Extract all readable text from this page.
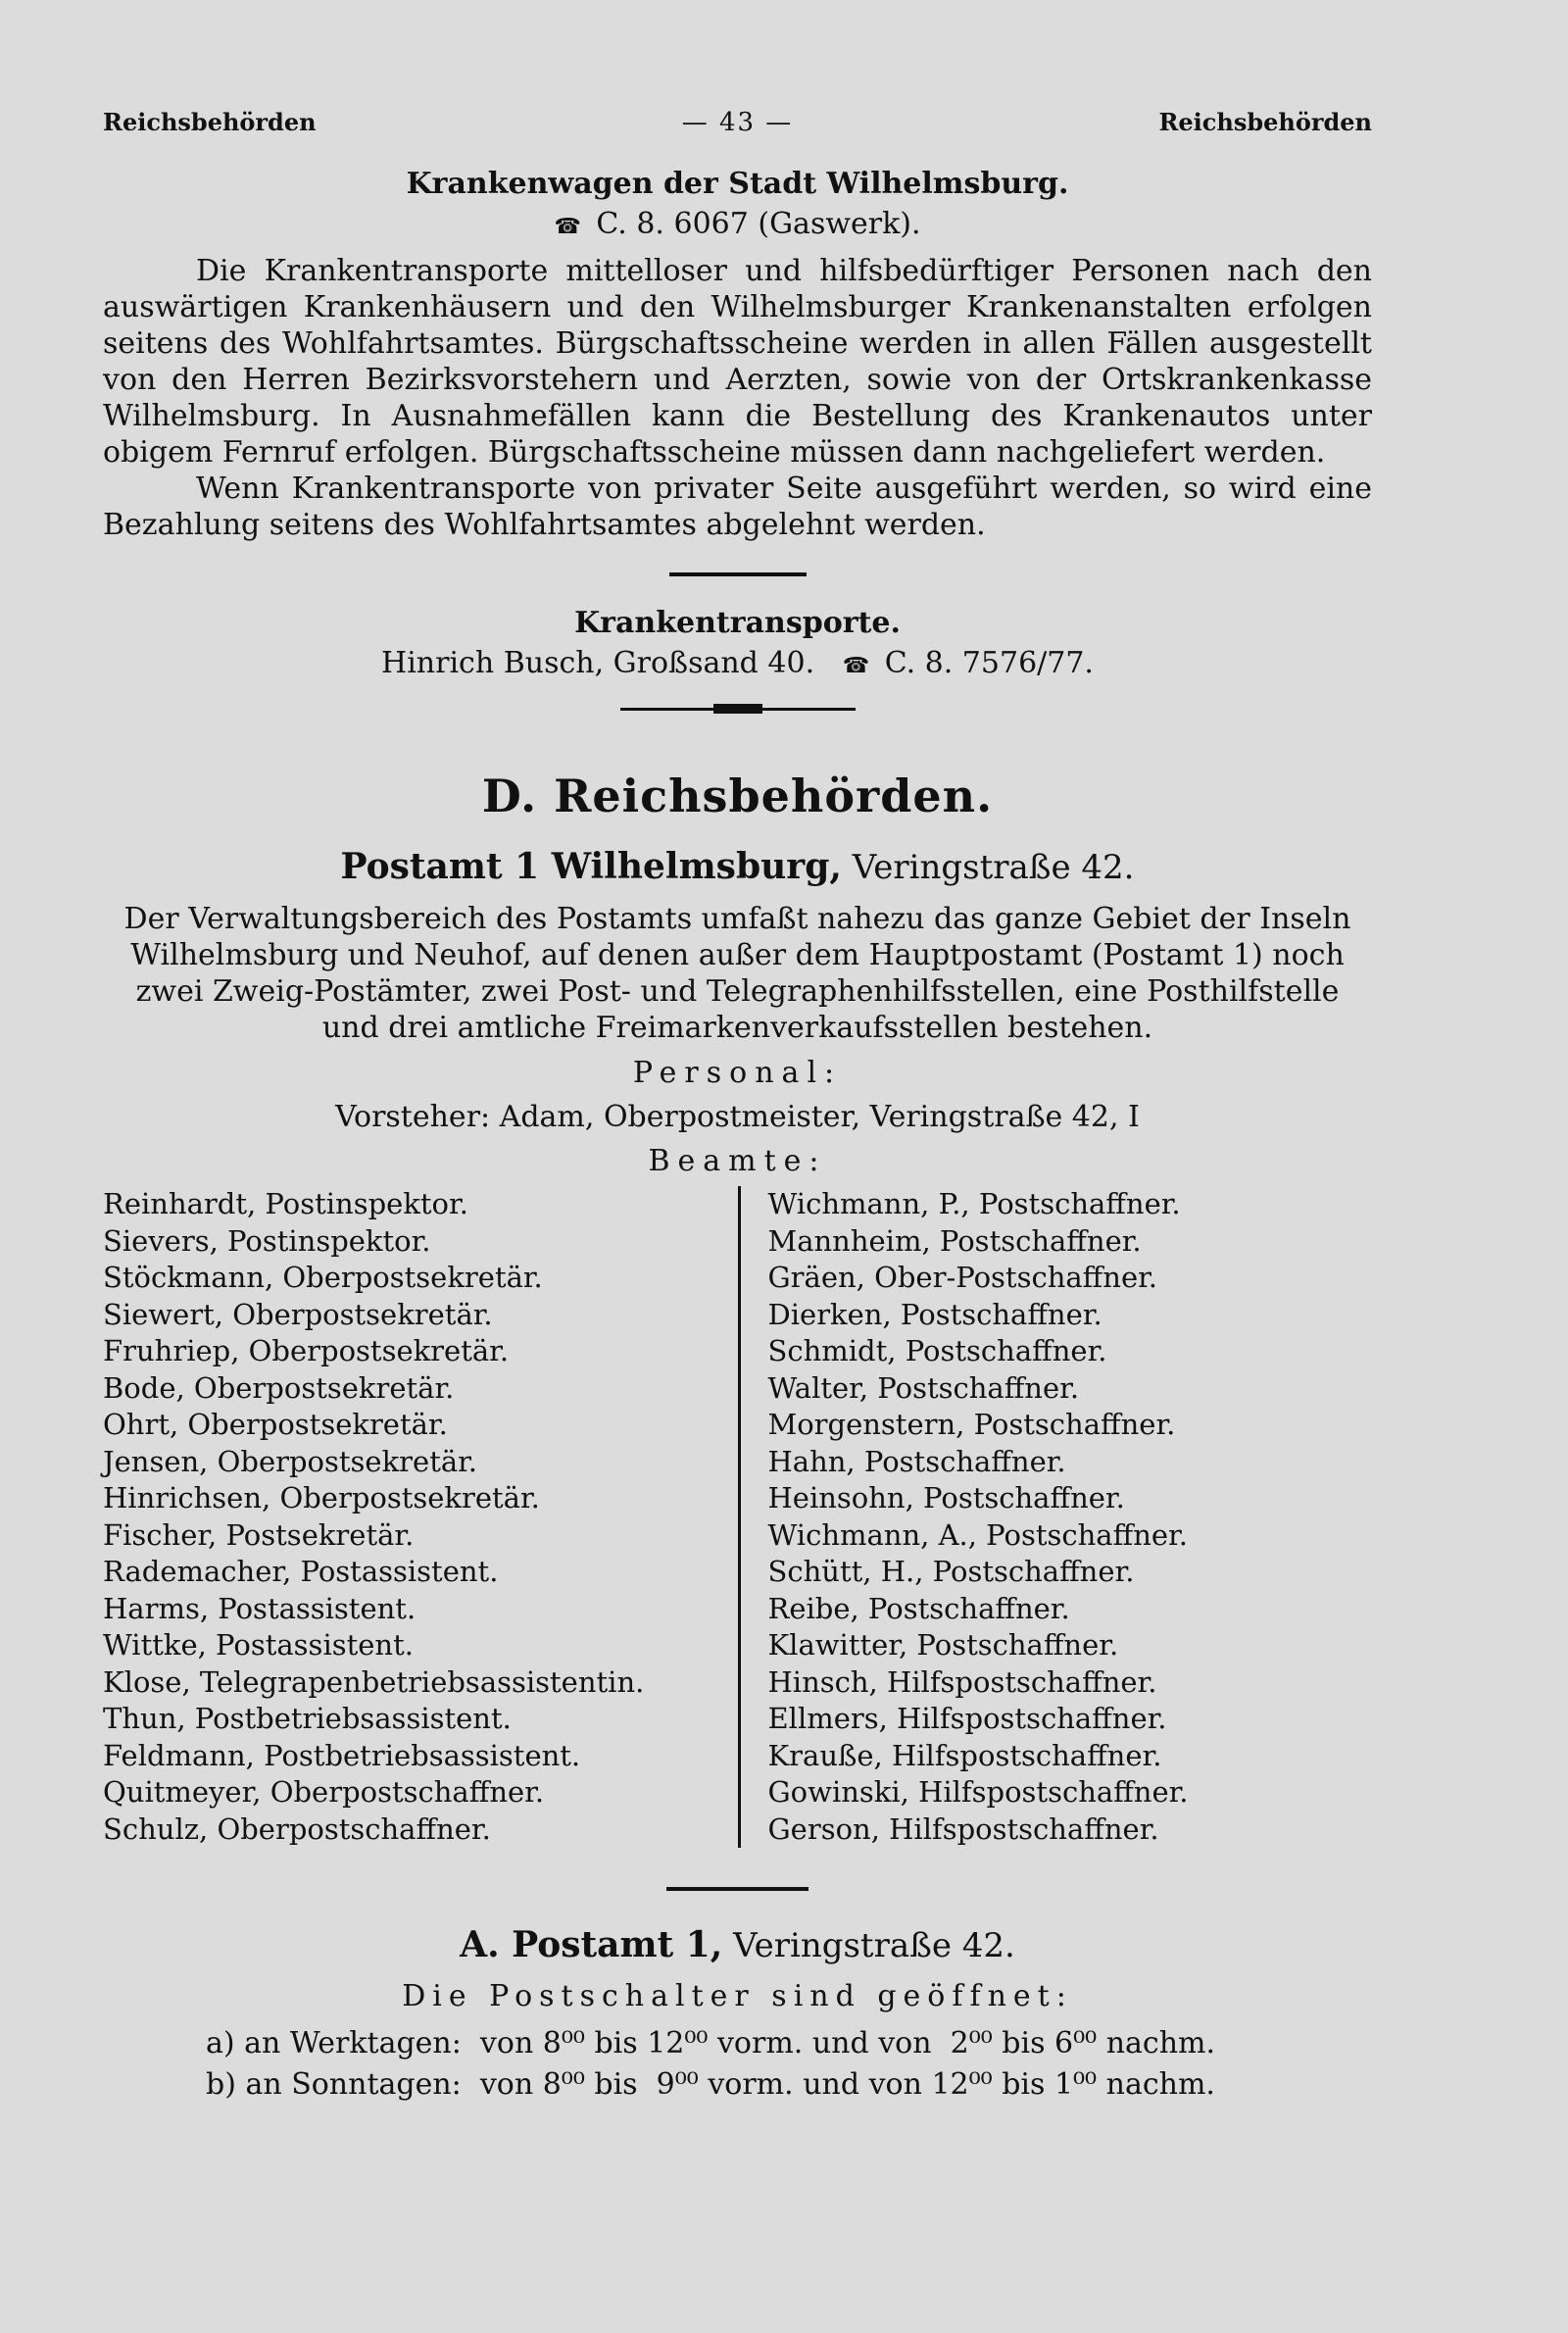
Reichsbehörden	— 43 —	Reichsbehörden
Krankenwagen der Stadt Wilhelmsburg.
☎ C. 8. 6067 (Gaswerk).

Die Krankentransporte mittelloser und hilfsbedürftiger Personen nach den auswärtigen Krankenhäusern und den Wilhelmsburger Krankenanstalten erfolgen seitens des Wohlfahrtsamtes. Bürgschaftsscheine werden in allen Fällen ausgestellt von den Herren Bezirksvorstehern und Aerzten, sowie von der Ortskrankenkasse Wilhelmsburg. In Ausnahmefällen kann die Bestellung des Krankenautos unter obigem Fernruf erfolgen. Bürgschaftsscheine müssen dann nachgeliefert werden.

Wenn Krankentransporte von privater Seite ausgeführt werden, so wird eine Bezahlung seitens des Wohlfahrtsamtes abgelehnt werden.

Krankentransporte.
Hinrich Busch, Großsand 40. ☎ C. 8. 7576/77.
D. Reichsbehörden.
Postamt 1 Wilhelmsburg, Veringstraße 42.

Der Verwaltungsbereich des Postamts umfaßt nahezu das ganze Gebiet der Inseln Wilhelmsburg und Neuhof, auf denen außer dem Hauptpostamt (Postamt 1) noch zwei Zweig-Postämter, zwei Post- und Telegraphenhilfsstellen, eine Posthilfstelle und drei amtliche Freimarkenverkaufsstellen bestehen.

Personal:
Vorsteher: Adam, Oberpostmeister, Veringstraße 42, I
Beamte:
Reinhardt, Postinspektor.
Sievers, Postinspektor.
Stöckmann, Oberpostsekretär.
Siewert, Oberpostsekretär.
Fruhriep, Oberpostsekretär.
Bode, Oberpostsekretär.
Ohrt, Oberpostsekretär.
Jensen, Oberpostsekretär.
Hinrichsen, Oberpostsekretär.
Fischer, Postsekretär.
Rademacher, Postassistent.
Harms, Postassistent.
Wittke, Postassistent.
Klose, Telegrapenbetriebsassistentin.
Thun, Postbetriebsassistent.
Feldmann, Postbetriebsassistent.
Quitmeyer, Oberpostschaffner.
Schulz, Oberpostschaffner.
Wichmann, P., Postschaffner.
Mannheim, Postschaffner.
Gräen, Ober-Postschaffner.
Dierken, Postschaffner.
Schmidt, Postschaffner.
Walter, Postschaffner.
Morgenstern, Postschaffner.
Hahn, Postschaffner.
Heinsohn, Postschaffner.
Wichmann, A., Postschaffner.
Schütt, H., Postschaffner.
Reibe, Postschaffner.
Klawitter, Postschaffner.
Hinsch, Hilfspostschaffner.
Ellmers, Hilfspostschaffner.
Krauße, Hilfspostschaffner.
Gowinski, Hilfspostschaffner.
Gerson, Hilfspostschaffner.
A. Postamt 1, Veringstraße 42.
Die Postschalter sind geöffnet:
a) an Werktagen:  von 8⁰⁰ bis 12⁰⁰ vorm. und von  2⁰⁰ bis 6⁰⁰ nachm.
b) an Sonntagen:  von 8⁰⁰ bis  9⁰⁰ vorm. und von 12⁰⁰ bis 1⁰⁰ nachm.
